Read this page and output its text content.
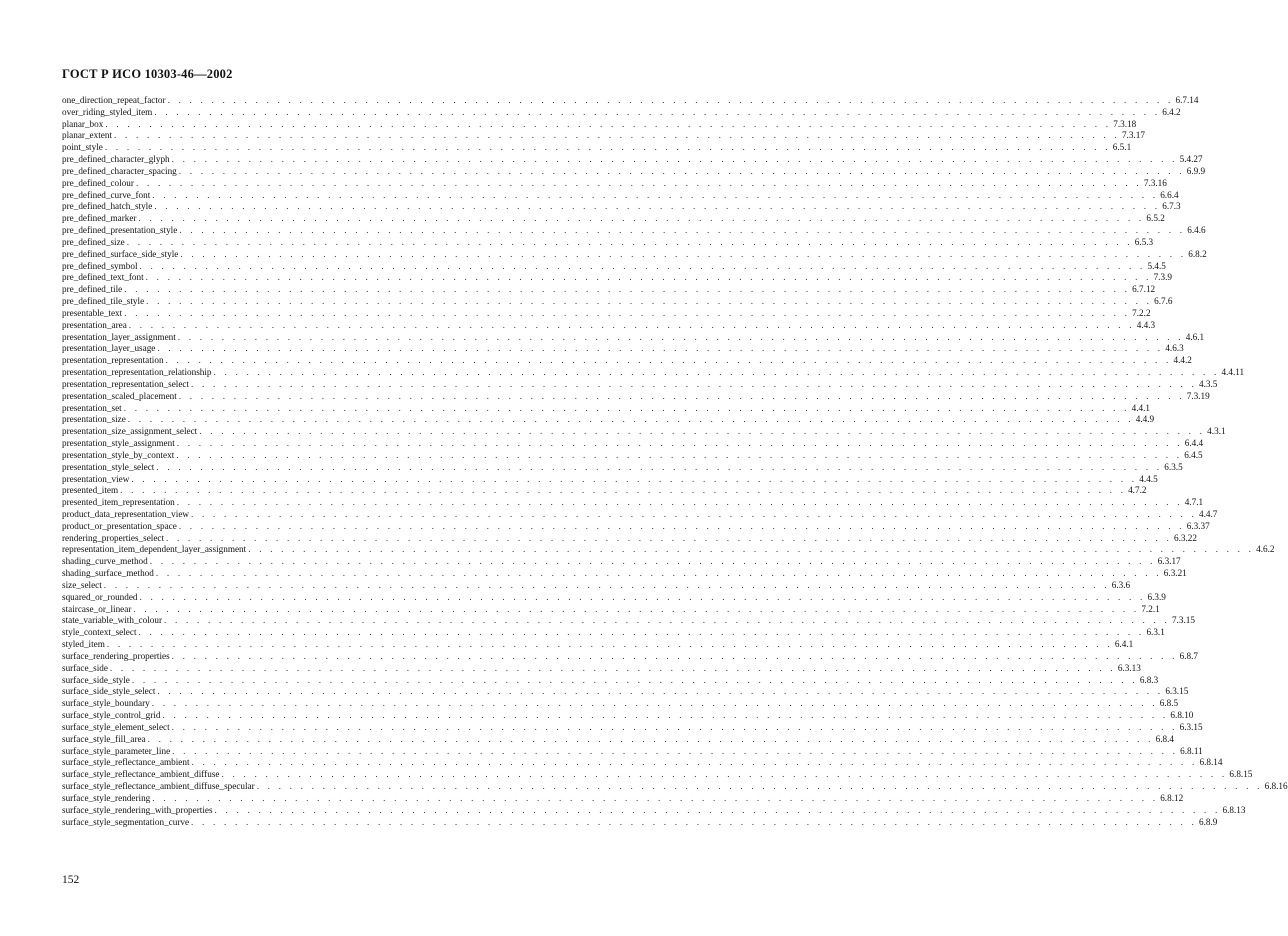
ГОСТ Р ИСО 10303-46—2002
one_direction_repeat_factor . . . . . . . . . . . . . . . . . . . . . . . . . . . . . . . . . . . . . . . . . . . . . . . . . . . . . . . . . . . . . . . . . . . . . . . . . . . . . . . . . . . . . . . . . . . . 6.7.14
over_riding_styled_item . . . . . . . . . . . . . . . . . . . . . . . . . . . . . . . . . . . . . . . . . . . . . . . . . . . . . . . . . . . . . . . . . . . . . . . . . . . . . . . . . . . . . . . . . . . . 6.4.2
planar_box . . . . . . . . . . . . . . . . . . . . . . . . . . . . . . . . . . . . . . . . . . . . . . . . . . . . . . . . . . . . . . . . . . . . . . . . . . . . . . . . . . . . . . . . . . . . 7.3.18
planar_extent . . . . . . . . . . . . . . . . . . . . . . . . . . . . . . . . . . . . . . . . . . . . . . . . . . . . . . . . . . . . . . . . . . . . . . . . . . . . . . . . . . . . . . . . . . . . 7.3.17
point_style . . . . . . . . . . . . . . . . . . . . . . . . . . . . . . . . . . . . . . . . . . . . . . . . . . . . . . . . . . . . . . . . . . . . . . . . . . . . . . . . . . . . . . . . . . . . 6.5.1
pre_defined_character_glyph . . . . . . . . . . . . . . . . . . . . . . . . . . . . . . . . . . . . . . . . . . . . . . . . . . . . . . . . . . . . . . . . . . . . . . . . . . . . . . . . . . . . . . . . . . . . 5.4.27
pre_defined_character_spacing . . . . . . . . . . . . . . . . . . . . . . . . . . . . . . . . . . . . . . . . . . . . . . . . . . . . . . . . . . . . . . . . . . . . . . . . . . . . . . . . . . . . . . . . . . . . 6.9.9
pre_defined_colour . . . . . . . . . . . . . . . . . . . . . . . . . . . . . . . . . . . . . . . . . . . . . . . . . . . . . . . . . . . . . . . . . . . . . . . . . . . . . . . . . . . . . . . . . . . . 7.3.16
pre_defined_curve_font . . . . . . . . . . . . . . . . . . . . . . . . . . . . . . . . . . . . . . . . . . . . . . . . . . . . . . . . . . . . . . . . . . . . . . . . . . . . . . . . . . . . . . . . . . . . 6.6.4
pre_defined_hatch_style . . . . . . . . . . . . . . . . . . . . . . . . . . . . . . . . . . . . . . . . . . . . . . . . . . . . . . . . . . . . . . . . . . . . . . . . . . . . . . . . . . . . . . . . . . . . 6.7.3
pre_defined_marker . . . . . . . . . . . . . . . . . . . . . . . . . . . . . . . . . . . . . . . . . . . . . . . . . . . . . . . . . . . . . . . . . . . . . . . . . . . . . . . . . . . . . . . . . . . . 6.5.2
pre_defined_presentation_style . . . . . . . . . . . . . . . . . . . . . . . . . . . . . . . . . . . . . . . . . . . . . . . . . . . . . . . . . . . . . . . . . . . . . . . . . . . . . . . . . . . . . . . . . . . . 6.4.6
pre_defined_size . . . . . . . . . . . . . . . . . . . . . . . . . . . . . . . . . . . . . . . . . . . . . . . . . . . . . . . . . . . . . . . . . . . . . . . . . . . . . . . . . . . . . . . . . . . . 6.5.3
pre_defined_surface_side_style . . . . . . . . . . . . . . . . . . . . . . . . . . . . . . . . . . . . . . . . . . . . . . . . . . . . . . . . . . . . . . . . . . . . . . . . . . . . . . . . . . . . . . . . . . . . 6.8.2
pre_defined_symbol . . . . . . . . . . . . . . . . . . . . . . . . . . . . . . . . . . . . . . . . . . . . . . . . . . . . . . . . . . . . . . . . . . . . . . . . . . . . . . . . . . . . . . . . . . . . 5.4.5
pre_defined_text_font . . . . . . . . . . . . . . . . . . . . . . . . . . . . . . . . . . . . . . . . . . . . . . . . . . . . . . . . . . . . . . . . . . . . . . . . . . . . . . . . . . . . . . . . . . . . 7.3.9
pre_defined_tile . . . . . . . . . . . . . . . . . . . . . . . . . . . . . . . . . . . . . . . . . . . . . . . . . . . . . . . . . . . . . . . . . . . . . . . . . . . . . . . . . . . . . . . . . . . . 6.7.12
pre_defined_tile_style . . . . . . . . . . . . . . . . . . . . . . . . . . . . . . . . . . . . . . . . . . . . . . . . . . . . . . . . . . . . . . . . . . . . . . . . . . . . . . . . . . . . . . . . . . . . 6.7.6
presentable_text . . . . . . . . . . . . . . . . . . . . . . . . . . . . . . . . . . . . . . . . . . . . . . . . . . . . . . . . . . . . . . . . . . . . . . . . . . . . . . . . . . . . . . . . . . . . 7.2.2
presentation_area . . . . . . . . . . . . . . . . . . . . . . . . . . . . . . . . . . . . . . . . . . . . . . . . . . . . . . . . . . . . . . . . . . . . . . . . . . . . . . . . . . . . . . . . . . . . 4.4.3
presentation_layer_assignment . . . . . . . . . . . . . . . . . . . . . . . . . . . . . . . . . . . . . . . . . . . . . . . . . . . . . . . . . . . . . . . . . . . . . . . . . . . . . . . . . . . . . . . . . . . . 4.6.1
presentation_layer_usage . . . . . . . . . . . . . . . . . . . . . . . . . . . . . . . . . . . . . . . . . . . . . . . . . . . . . . . . . . . . . . . . . . . . . . . . . . . . . . . . . . . . . . . . . . . . 4.6.3
presentation_representation . . . . . . . . . . . . . . . . . . . . . . . . . . . . . . . . . . . . . . . . . . . . . . . . . . . . . . . . . . . . . . . . . . . . . . . . . . . . . . . . . . . . . . . . . . . . 4.4.2
presentation_representation_relationship . . . . . . . . . . . . . . . . . . . . . . . . . . . . . . . . . . . . . . . . . . . . . . . . . . . . . . . . . . . . . . . . . . . . . . . . . . . . . . . . . . . . . . . . . . . . 4.4.11
presentation_representation_select . . . . . . . . . . . . . . . . . . . . . . . . . . . . . . . . . . . . . . . . . . . . . . . . . . . . . . . . . . . . . . . . . . . . . . . . . . . . . . . . . . . . . . . . . . . . 4.3.5
presentation_scaled_placement . . . . . . . . . . . . . . . . . . . . . . . . . . . . . . . . . . . . . . . . . . . . . . . . . . . . . . . . . . . . . . . . . . . . . . . . . . . . . . . . . . . . . . . . . . . . 7.3.19
presentation_set . . . . . . . . . . . . . . . . . . . . . . . . . . . . . . . . . . . . . . . . . . . . . . . . . . . . . . . . . . . . . . . . . . . . . . . . . . . . . . . . . . . . . . . . . . . . 4.4.1
presentation_size . . . . . . . . . . . . . . . . . . . . . . . . . . . . . . . . . . . . . . . . . . . . . . . . . . . . . . . . . . . . . . . . . . . . . . . . . . . . . . . . . . . . . . . . . . . . 4.4.9
presentation_size_assignment_select . . . . . . . . . . . . . . . . . . . . . . . . . . . . . . . . . . . . . . . . . . . . . . . . . . . . . . . . . . . . . . . . . . . . . . . . . . . . . . . . . . . . . . . . . . . . 4.3.1
presentation_style_assignment . . . . . . . . . . . . . . . . . . . . . . . . . . . . . . . . . . . . . . . . . . . . . . . . . . . . . . . . . . . . . . . . . . . . . . . . . . . . . . . . . . . . . . . . . . . . 6.4.4
presentation_style_by_context . . . . . . . . . . . . . . . . . . . . . . . . . . . . . . . . . . . . . . . . . . . . . . . . . . . . . . . . . . . . . . . . . . . . . . . . . . . . . . . . . . . . . . . . . . . . 6.4.5
presentation_style_select . . . . . . . . . . . . . . . . . . . . . . . . . . . . . . . . . . . . . . . . . . . . . . . . . . . . . . . . . . . . . . . . . . . . . . . . . . . . . . . . . . . . . . . . . . . . 6.3.5
presentation_view . . . . . . . . . . . . . . . . . . . . . . . . . . . . . . . . . . . . . . . . . . . . . . . . . . . . . . . . . . . . . . . . . . . . . . . . . . . . . . . . . . . . . . . . . . . . 4.4.5
presented_item . . . . . . . . . . . . . . . . . . . . . . . . . . . . . . . . . . . . . . . . . . . . . . . . . . . . . . . . . . . . . . . . . . . . . . . . . . . . . . . . . . . . . . . . . . . . 4.7.2
presented_item_representation . . . . . . . . . . . . . . . . . . . . . . . . . . . . . . . . . . . . . . . . . . . . . . . . . . . . . . . . . . . . . . . . . . . . . . . . . . . . . . . . . . . . . . . . . . . . 4.7.1
product_data_representation_view . . . . . . . . . . . . . . . . . . . . . . . . . . . . . . . . . . . . . . . . . . . . . . . . . . . . . . . . . . . . . . . . . . . . . . . . . . . . . . . . . . . . . . . . . . . . 4.4.7
product_or_presentation_space . . . . . . . . . . . . . . . . . . . . . . . . . . . . . . . . . . . . . . . . . . . . . . . . . . . . . . . . . . . . . . . . . . . . . . . . . . . . . . . . . . . . . . . . . . . . 6.3.37
rendering_properties_select . . . . . . . . . . . . . . . . . . . . . . . . . . . . . . . . . . . . . . . . . . . . . . . . . . . . . . . . . . . . . . . . . . . . . . . . . . . . . . . . . . . . . . . . . . . . 6.3.22
representation_item_dependent_layer_assignment . . . . . . . . . . . . . . . . . . . . . . . . . . . . . . . . . . . . . . . . . . . . . . . . . . . . . . . . . . . . . . . . . . . . . . . . . . . . . . . . . . . . . . . . . . . . 4.6.2
shading_curve_method . . . . . . . . . . . . . . . . . . . . . . . . . . . . . . . . . . . . . . . . . . . . . . . . . . . . . . . . . . . . . . . . . . . . . . . . . . . . . . . . . . . . . . . . . . . . 6.3.17
shading_surface_method . . . . . . . . . . . . . . . . . . . . . . . . . . . . . . . . . . . . . . . . . . . . . . . . . . . . . . . . . . . . . . . . . . . . . . . . . . . . . . . . . . . . . . . . . . . . 6.3.21
size_select . . . . . . . . . . . . . . . . . . . . . . . . . . . . . . . . . . . . . . . . . . . . . . . . . . . . . . . . . . . . . . . . . . . . . . . . . . . . . . . . . . . . . . . . . . . . 6.3.6
squared_or_rounded . . . . . . . . . . . . . . . . . . . . . . . . . . . . . . . . . . . . . . . . . . . . . . . . . . . . . . . . . . . . . . . . . . . . . . . . . . . . . . . . . . . . . . . . . . . . 6.3.9
staircase_or_linear . . . . . . . . . . . . . . . . . . . . . . . . . . . . . . . . . . . . . . . . . . . . . . . . . . . . . . . . . . . . . . . . . . . . . . . . . . . . . . . . . . . . . . . . . . . . 7.2.1
state_variable_with_colour . . . . . . . . . . . . . . . . . . . . . . . . . . . . . . . . . . . . . . . . . . . . . . . . . . . . . . . . . . . . . . . . . . . . . . . . . . . . . . . . . . . . . . . . . . . . 7.3.15
style_context_select . . . . . . . . . . . . . . . . . . . . . . . . . . . . . . . . . . . . . . . . . . . . . . . . . . . . . . . . . . . . . . . . . . . . . . . . . . . . . . . . . . . . . . . . . . . . 6.3.1
styled_item . . . . . . . . . . . . . . . . . . . . . . . . . . . . . . . . . . . . . . . . . . . . . . . . . . . . . . . . . . . . . . . . . . . . . . . . . . . . . . . . . . . . . . . . . . . . 6.4.1
surface_rendering_properties . . . . . . . . . . . . . . . . . . . . . . . . . . . . . . . . . . . . . . . . . . . . . . . . . . . . . . . . . . . . . . . . . . . . . . . . . . . . . . . . . . . . . . . . . . . . 6.8.7
surface_side . . . . . . . . . . . . . . . . . . . . . . . . . . . . . . . . . . . . . . . . . . . . . . . . . . . . . . . . . . . . . . . . . . . . . . . . . . . . . . . . . . . . . . . . . . . . 6.3.13
surface_side_style . . . . . . . . . . . . . . . . . . . . . . . . . . . . . . . . . . . . . . . . . . . . . . . . . . . . . . . . . . . . . . . . . . . . . . . . . . . . . . . . . . . . . . . . . . . . 6.8.3
surface_side_style_select . . . . . . . . . . . . . . . . . . . . . . . . . . . . . . . . . . . . . . . . . . . . . . . . . . . . . . . . . . . . . . . . . . . . . . . . . . . . . . . . . . . . . . . . . . . . 6.3.15
surface_style_boundary . . . . . . . . . . . . . . . . . . . . . . . . . . . . . . . . . . . . . . . . . . . . . . . . . . . . . . . . . . . . . . . . . . . . . . . . . . . . . . . . . . . . . . . . . . . . 6.8.5
surface_style_control_grid . . . . . . . . . . . . . . . . . . . . . . . . . . . . . . . . . . . . . . . . . . . . . . . . . . . . . . . . . . . . . . . . . . . . . . . . . . . . . . . . . . . . . . . . . . . . 6.8.10
surface_style_element_select . . . . . . . . . . . . . . . . . . . . . . . . . . . . . . . . . . . . . . . . . . . . . . . . . . . . . . . . . . . . . . . . . . . . . . . . . . . . . . . . . . . . . . . . . . . . 6.3.15
surface_style_fill_area . . . . . . . . . . . . . . . . . . . . . . . . . . . . . . . . . . . . . . . . . . . . . . . . . . . . . . . . . . . . . . . . . . . . . . . . . . . . . . . . . . . . . . . . . . . . 6.8.4
surface_style_parameter_line . . . . . . . . . . . . . . . . . . . . . . . . . . . . . . . . . . . . . . . . . . . . . . . . . . . . . . . . . . . . . . . . . . . . . . . . . . . . . . . . . . . . . . . . . . . . 6.8.11
surface_style_reflectance_ambient . . . . . . . . . . . . . . . . . . . . . . . . . . . . . . . . . . . . . . . . . . . . . . . . . . . . . . . . . . . . . . . . . . . . . . . . . . . . . . . . . . . . . . . . . . . . 6.8.14
surface_style_reflectance_ambient_diffuse . . . . . . . . . . . . . . . . . . . . . . . . . . . . . . . . . . . . . . . . . . . . . . . . . . . . . . . . . . . . . . . . . . . . . . . . . . . . . . . . . . . . . . . . . . . . 6.8.15
surface_style_reflectance_ambient_diffuse_specular . . . . . . . . . . . . . . . . . . . . . . . . . . . . . . . . . . . . . . . . . . . . . . . . . . . . . . . . . . . . . . . . . . . . . . . . . . . . . . . . . . . . . . . . . . . . 6.8.16
surface_style_rendering . . . . . . . . . . . . . . . . . . . . . . . . . . . . . . . . . . . . . . . . . . . . . . . . . . . . . . . . . . . . . . . . . . . . . . . . . . . . . . . . . . . . . . . . . . . . 6.8.12
surface_style_rendering_with_properties . . . . . . . . . . . . . . . . . . . . . . . . . . . . . . . . . . . . . . . . . . . . . . . . . . . . . . . . . . . . . . . . . . . . . . . . . . . . . . . . . . . . . . . . . . . . 6.8.13
surface_style_segmentation_curve . . . . . . . . . . . . . . . . . . . . . . . . . . . . . . . . . . . . . . . . . . . . . . . . . . . . . . . . . . . . . . . . . . . . . . . . . . . . . . . . . . . . . . . . . . . . 6.8.9
152
